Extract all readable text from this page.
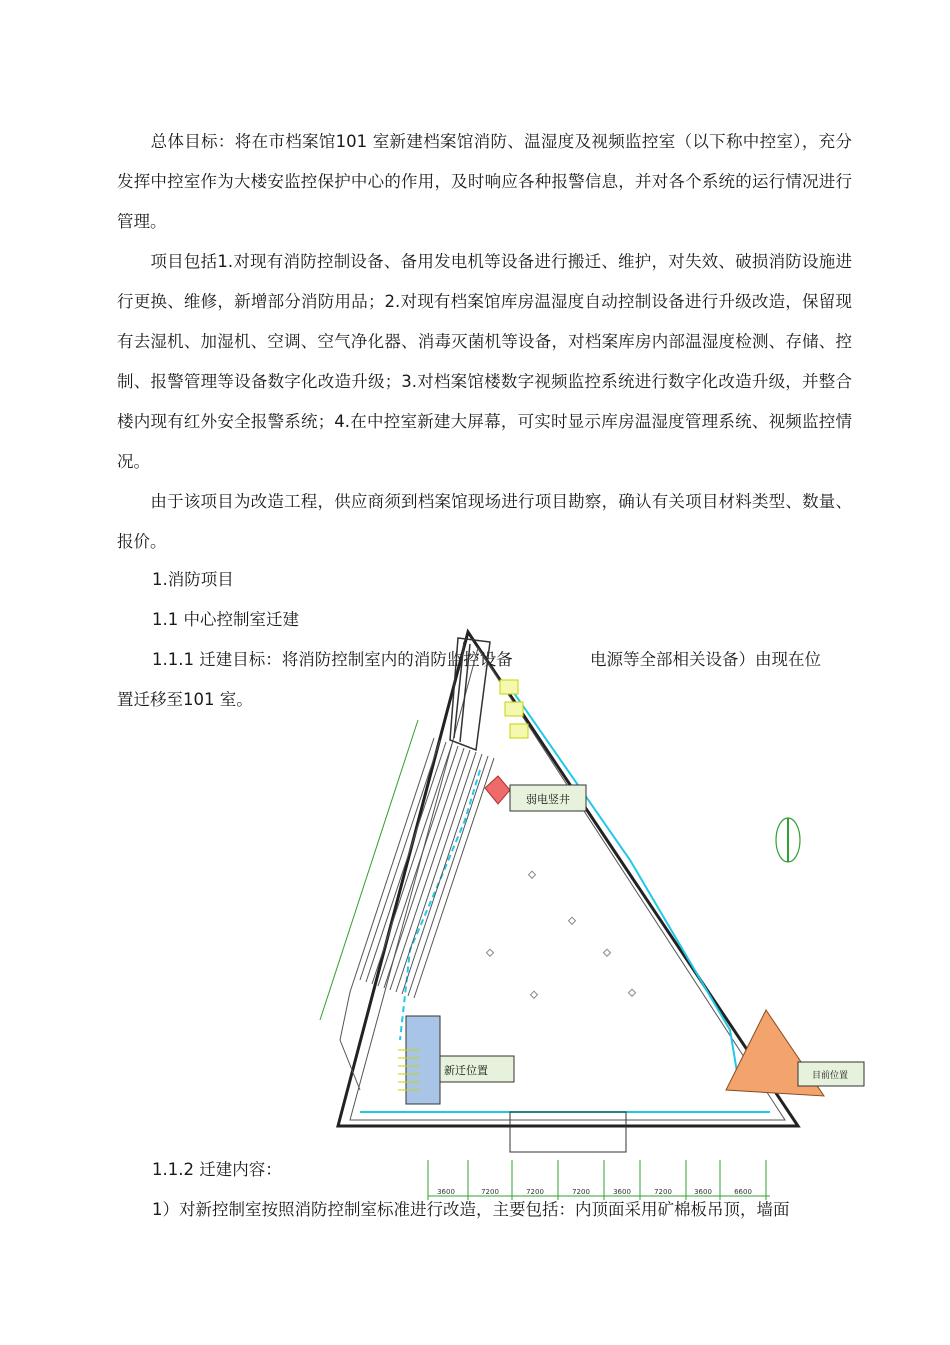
　　总体目标：将在市档案馆101 室新建档案馆消防、温湿度及视频监控室（以下称中控室），充分发挥中控室作为大楼安监控保护中心的作用，及时响应各种报警信息，并对各个系统的运行情况进行管理。

　　项目包括1.对现有消防控制设备、备用发电机等设备进行搬迁、维护，对失效、破损消防设施进行更换、维修，新增部分消防用品；2.对现有档案馆库房温湿度自动控制设备进行升级改造，保留现有去湿机、加湿机、空调、空气净化器、消毒灭菌机等设备，对档案库房内部温湿度检测、存储、控制、报警管理等设备数字化改造升级；3.对档案馆楼数字视频监控系统进行数字化改造升级，并整合楼内现有红外安全报警系统；4.在中控室新建大屏幕，可实时显示库房温湿度管理系统、视频监控情况。

　　由于该项目为改造工程，供应商须到档案馆现场进行项目勘察，确认有关项目材料类型、数量、报价。

1.消防项目
1.1 中心控制室迁建
1.1.1 迁建目标：将消防控制室内的消防监控设备	电源等全部相关设备）由现在位
置迁移至101 室。
1.1.2 迁建内容：
1）对新控制室按照消防控制室标准进行改造，主要包括：内顶面采用矿棉板吊顶，墙面
弱电竖井
新迁位置	目前位置
3600	7200	7200	7200	3600	7200	3600	6600
